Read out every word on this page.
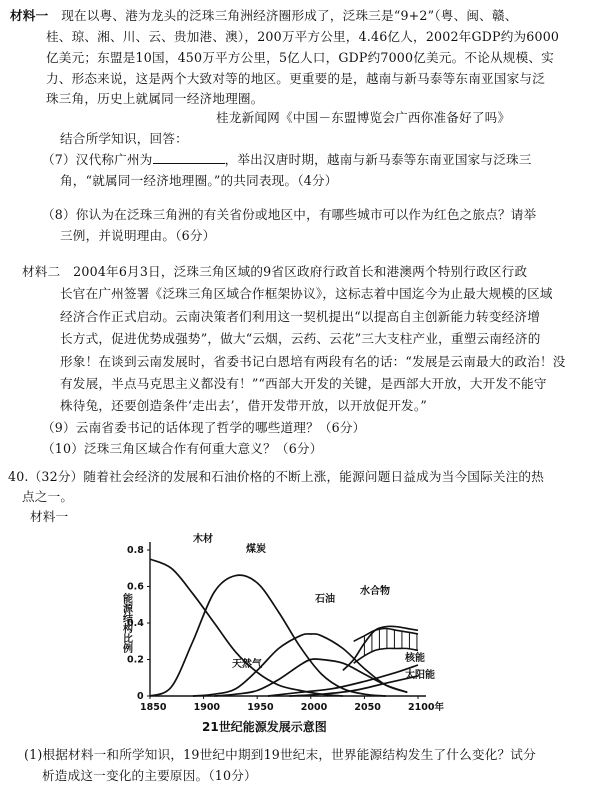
材料一　 现在以粤、港为龙头的泛珠三角洲经济圈形成了，泛珠三是“9+2”（粤、闽、赣、
桂、琼、湘、川、云、贵加港、澳），200万平方公里，4.46亿人，2002年GDP约为6000
亿美元；东盟是10国，450万平方公里，5亿人口，GDP约7000亿美元。不论从规模、实
力、形态来说，这是两个大致对等的地区。更重要的是，越南与新马泰等东南亚国家与泛
珠三角，历史上就属同一经济地理圈。
桂龙新闻网《中国－东盟博览会广西你准备好了吗》
结合所学知识，回答：
（7）汉代称广州为	，举出汉唐时期，越南与新马泰等东南亚国家与泛珠三
角，“就属同一经济地理圈。”的共同表现。（4分）
（8）你认为在泛珠三角洲的有关省份或地区中，有哪些城市可以作为红色之旅点？请举
三例，并说明理由。（6分）
材料二　2004年6月3日，泛珠三角区域的9省区政府行政首长和港澳两个特别行政区行政
长官在广州签署《泛珠三角区域合作框架协议》，这标志着中国迄今为止最大规模的区域
经济合作正式启动。云南决策者们利用这一契机提出“以提高自主创新能力转变经济增
长方式，促进优势成强势”，做大“云烟，云药、云花”三大支柱产业，重塑云南经济的
形象！在谈到云南发展时，省委书记白恩培有两段有名的话：“发展是云南最大的政治！没
有发展，半点马克思主义都没有！”“西部大开发的关键，是西部大开放，大开发不能守
株待兔，还要创造条件‘走出去’，借开发带开放，以开放促开发。”
（9）云南省委书记的话体现了哲学的哪些道理？（6分）
（10）泛珠三角区域合作有何重大意义？（6分）
40.（32分）随着社会经济的发展和石油价格的不断上涨，能源问题日益成为当今国际关注的热
点之一。
材料一
1850	1900	1950	2000	2050	2100年
0
0.2
0.4
0.6
0.8
能源结构比例
木材
煤炭
石油
天然气
水合物
核能
太阳能
21世纪能源发展示意图
(1)根据材料一和所学知识，19世纪中期到19世纪末，世界能源结构发生了什么变化？试分
析造成这一变化的主要原因。（10分）
